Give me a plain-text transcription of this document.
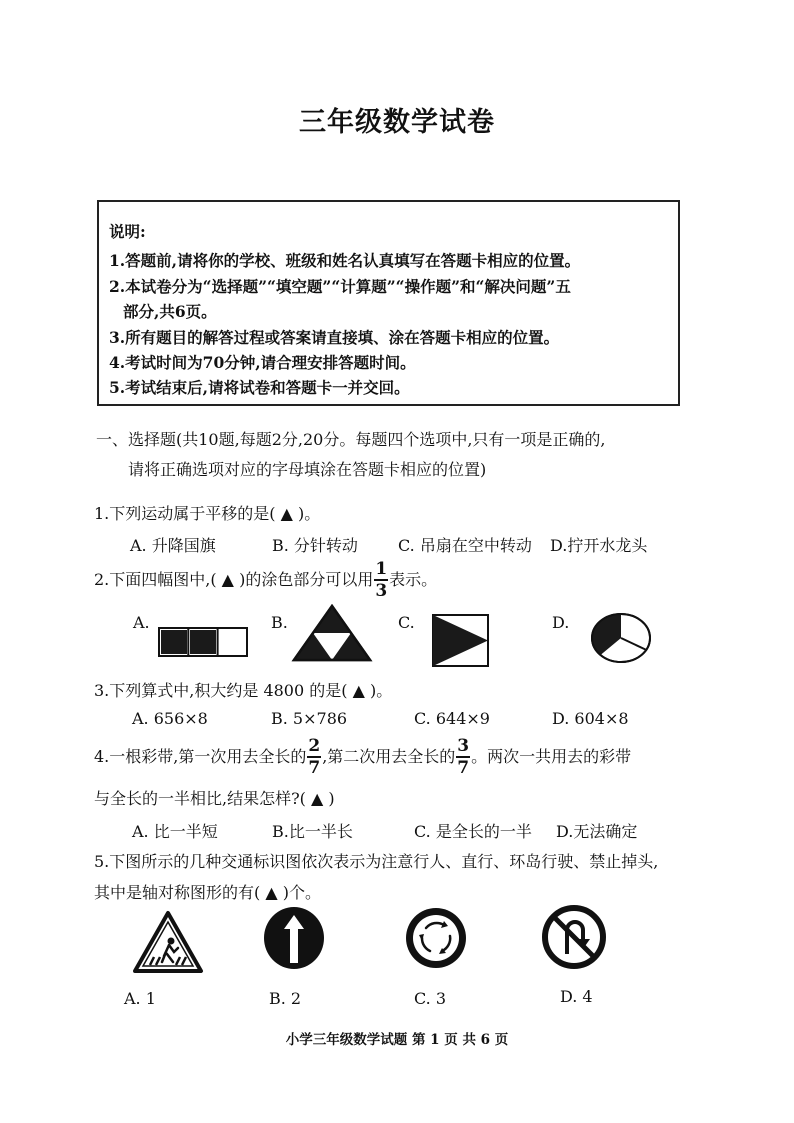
三年级数学试卷
说明:
1.答题前,请将你的学校、班级和姓名认真填写在答题卡相应的位置。
2.本试卷分为“选择题”“填空题”“计算题”“操作题”和“解决问题”五
部分,共6页。
3.所有题目的解答过程或答案请直接填、涂在答题卡相应的位置。
4.考试时间为70分钟,请合理安排答题时间。
5.考试结束后,请将试卷和答题卡一并交回。
一、选择题(共10题,每题2分,20分。每题四个选项中,只有一项是正确的,
请将正确选项对应的字母填涂在答题卡相应的位置)
1.下列运动属于平移的是( ▲ )。
A. 升降国旗	B. 分针转动	C. 吊扇在空中转动 D.拧开水龙头
2.下面四幅图中,( ▲ )的涂色部分可以用 $\frac{1}{3}$ 表示。
A.	B.	C.	D.
3.下列算式中,积大约是 4800 的是( ▲ )。
A. 656×8	B. 5×786	C. 644×9	D. 604×8
4.一根彩带,第一次用去全长的 $\frac{2}{7}$ ,第二次用去全长的 $\frac{3}{7}$ 。两次一共用去的彩带
与全长的一半相比,结果怎样?( ▲ )
A. 比一半短	B.比一半长	C. 是全长的一半 D.无法确定
5.下图所示的几种交通标识图依次表示为注意行人、直行、环岛行驶、禁止掉头,
其中是轴对称图形的有( ▲ )个。
A. 1	B. 2	C. 3	D. 4
小学三年级数学试题 第 1 页 共 6 页
